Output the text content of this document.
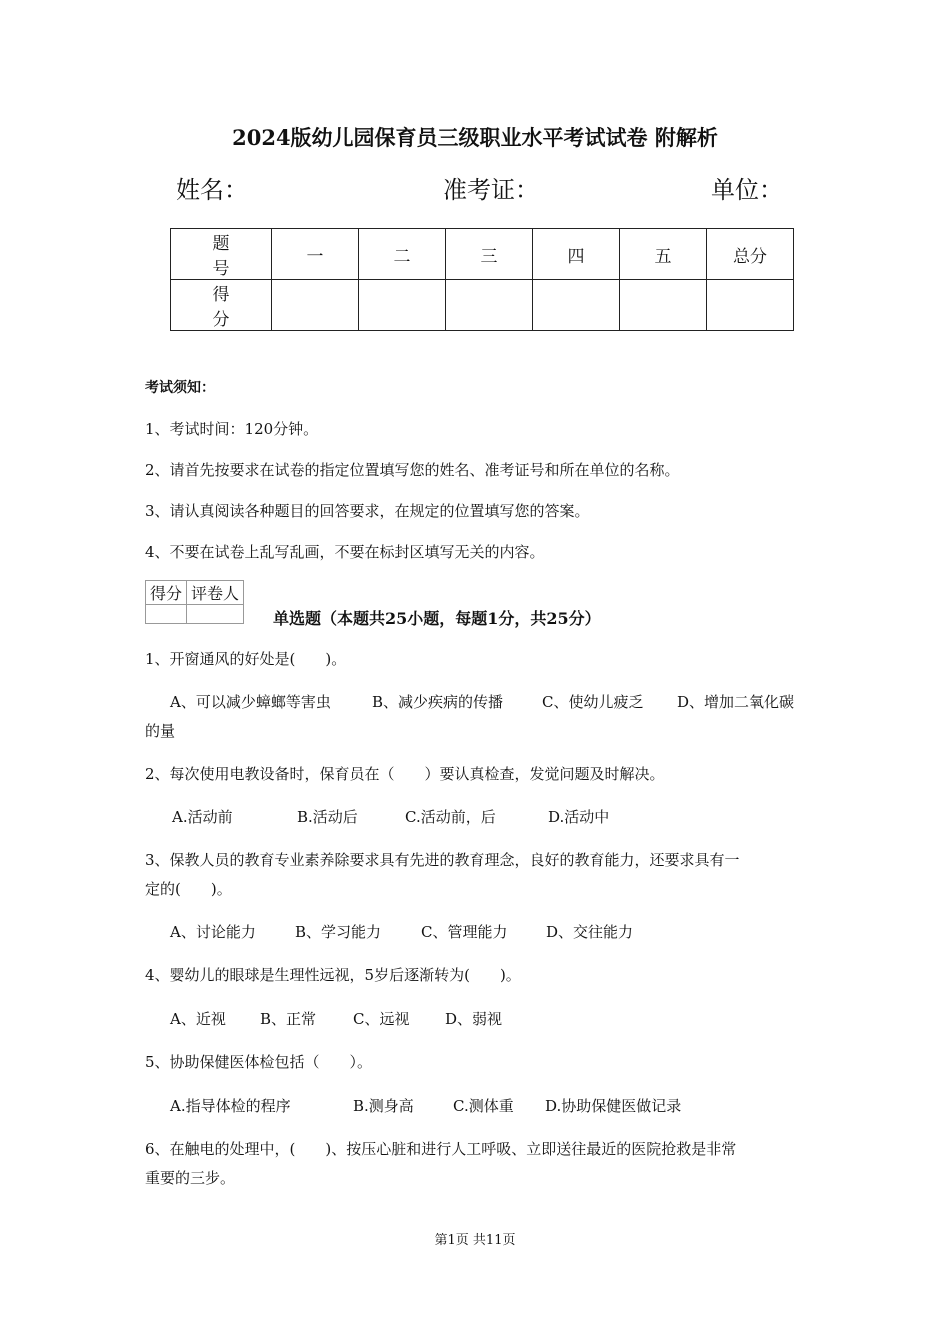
2024版幼儿园保育员三级职业水平考试试卷 附解析
姓名：	准考证：	单位：
题　号	一	二	三	四	五	总分
得　分						
考试须知：
1、考试时间：120分钟。
2、请首先按要求在试卷的指定位置填写您的姓名、准考证号和所在单位的名称。
3、请认真阅读各种题目的回答要求，在规定的位置填写您的答案。
4、不要在试卷上乱写乱画，不要在标封区填写无关的内容。
得分	评卷人

单选题（本题共25小题，每题1分，共25分）
1、开窗通风的好处是(　　)。
A、可以减少蟑螂等害虫	B、减少疾病的传播	C、使幼儿疲乏 D、增加二氧化碳
的量
2、每次使用电教设备时，保育员在（　　）要认真检查，发觉问题及时解决。
A.活动前	B.活动后	C.活动前，后	D.活动中
3、保教人员的教育专业素养除要求具有先进的教育理念，良好的教育能力，还要求具有一
定的(　　)。
A、讨论能力	B、学习能力	C、管理能力	D、交往能力
4、婴幼儿的眼球是生理性远视，5岁后逐渐转为(　　)。
A、近视 B、正常 C、远视 D、弱视
5、协助保健医体检包括（　　）。
A.指导体检的程序	B.测身高	C.测体重 D.协助保健医做记录
6、在触电的处理中，(　　)、按压心脏和进行人工呼吸、立即送往最近的医院抢救是非常
重要的三步。
第1页 共11页
